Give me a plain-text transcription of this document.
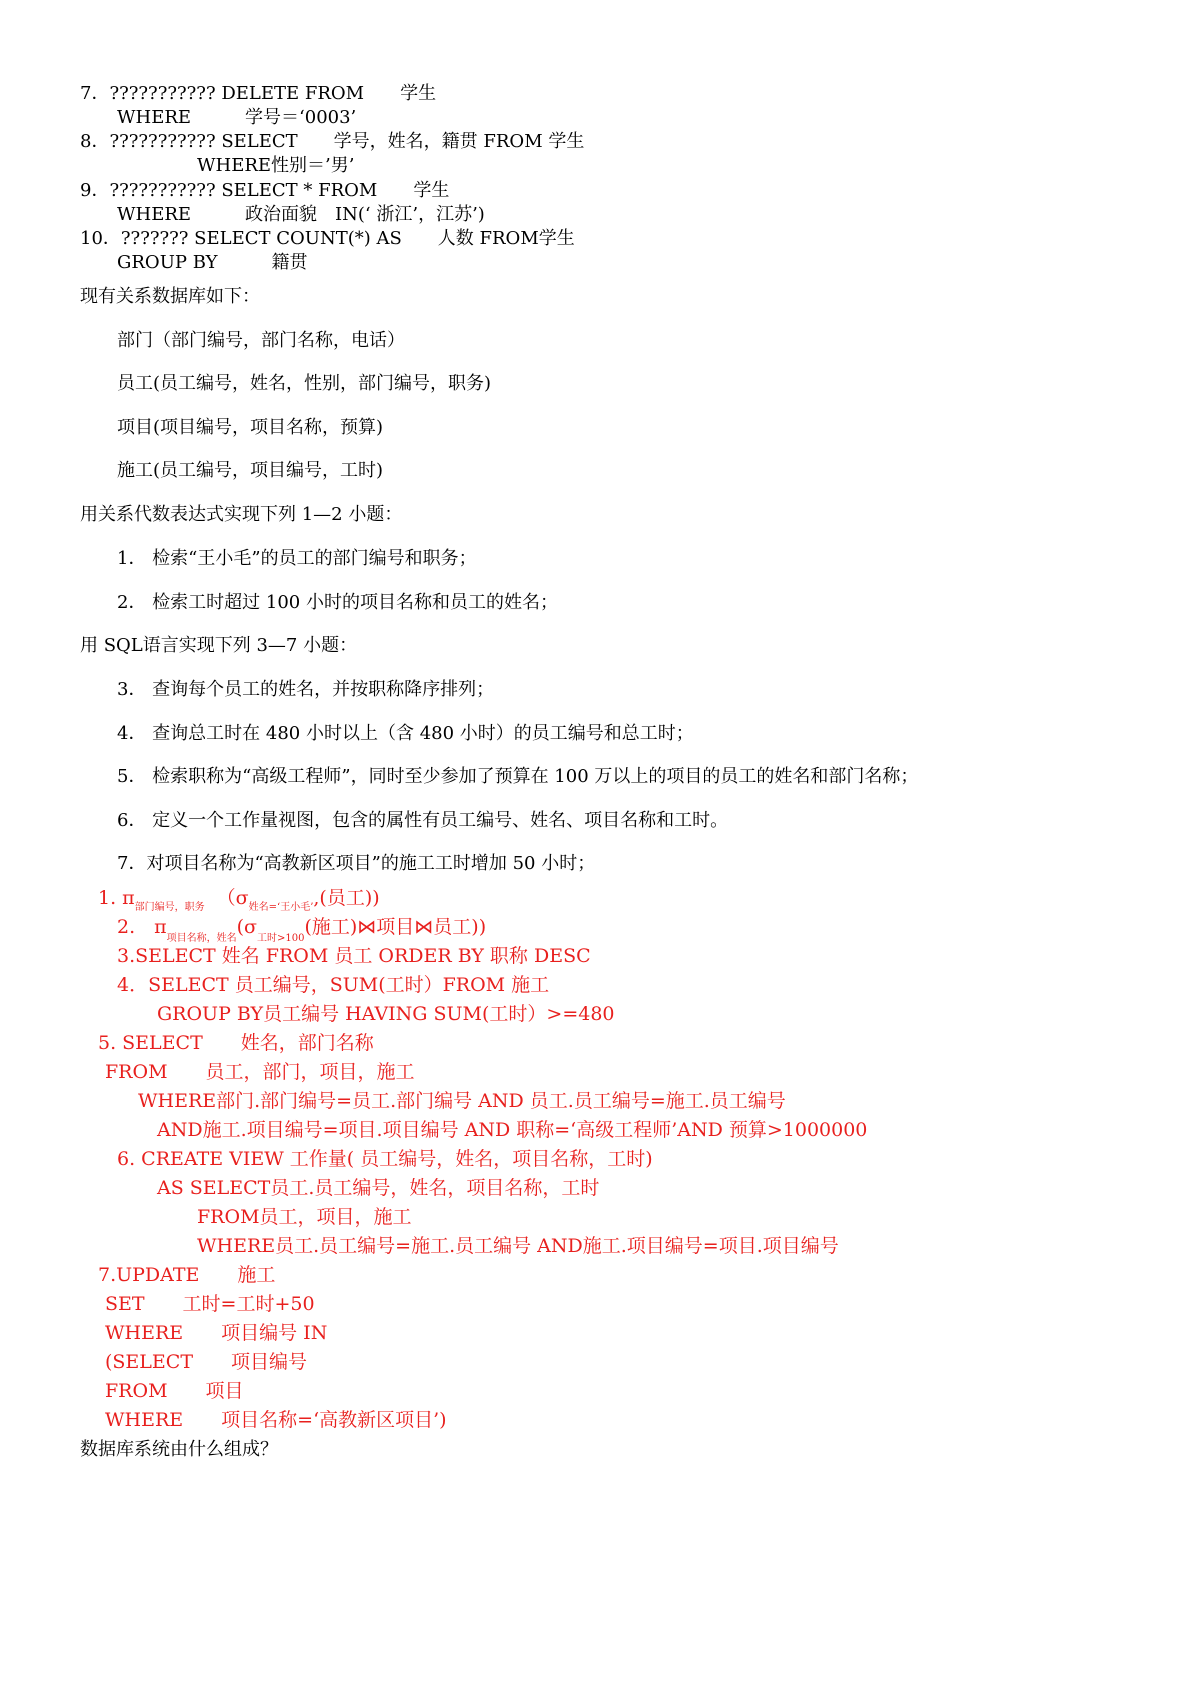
7．??????????? DELETE FROM　　学生
WHERE　　　学号＝‘0003’
8．??????????? SELECT　　学号，姓名，籍贯 FROM 学生
WHERE性别＝’男’
9．??????????? SELECT * FROM　　学生
WHERE　　　政治面貌　IN(‘ 浙江’，江苏’)
10．??????? SELECT COUNT(*) AS　　人数 FROM学生
GROUP BY　　　籍贯
现有关系数据库如下：
部门（部门编号，部门名称，电话）
员工(员工编号，姓名，性别，部门编号，职务)
项目(项目编号，项目名称，预算)
施工(员工编号，项目编号，工时)
用关系代数表达式实现下列 1—2 小题：
1． 检索“王小毛”的员工的部门编号和职务；
2． 检索工时超过 100 小时的项目名称和员工的姓名；
用 SQL语言实现下列 3—7 小题：
3． 查询每个员工的姓名，并按职称降序排列；
4． 查询总工时在 480 小时以上（含 480 小时）的员工编号和总工时；
5． 检索职称为“高级工程师”，同时至少参加了预算在 100 万以上的项目的员工的姓名和部门名称；
6． 定义一个工作量视图，包含的属性有员工编号、姓名、项目名称和工时。
7．对项目名称为“高教新区项目”的施工工时增加 50 小时；
1. $\pi_{部门编号,职务}$ （$\sigma_{姓名=‘王小毛’}$,(员工))
2.　$\pi_{项目名称,姓名}(\sigma_{工时>100}$(施工)⋈项目⋈员工))
3.SELECT 姓名 FROM 员工 ORDER BY 职称 DESC
4．SELECT 员工编号，SUM(工时）FROM 施工
GROUP BY员工编号 HAVING SUM(工时）>=480
5. SELECT　　姓名，部门名称
FROM　　员工，部门，项目，施工
WHERE部门.部门编号=员工.部门编号 AND 员工.员工编号=施工.员工编号
AND施工.项目编号=项目.项目编号 AND 职称=‘高级工程师’AND 预算>1000000
6. CREATE VIEW 工作量( 员工编号，姓名，项目名称，工时)
AS SELECT员工.员工编号，姓名，项目名称，工时
FROM员工，项目，施工
WHERE员工.员工编号=施工.员工编号 AND施工.项目编号=项目.项目编号
7.UPDATE　　施工
SET　　工时=工时+50
WHERE　　项目编号 IN
(SELECT　　项目编号
FROM　　项目
WHERE　　项目名称=‘高教新区项目’)
数据库系统由什么组成？
